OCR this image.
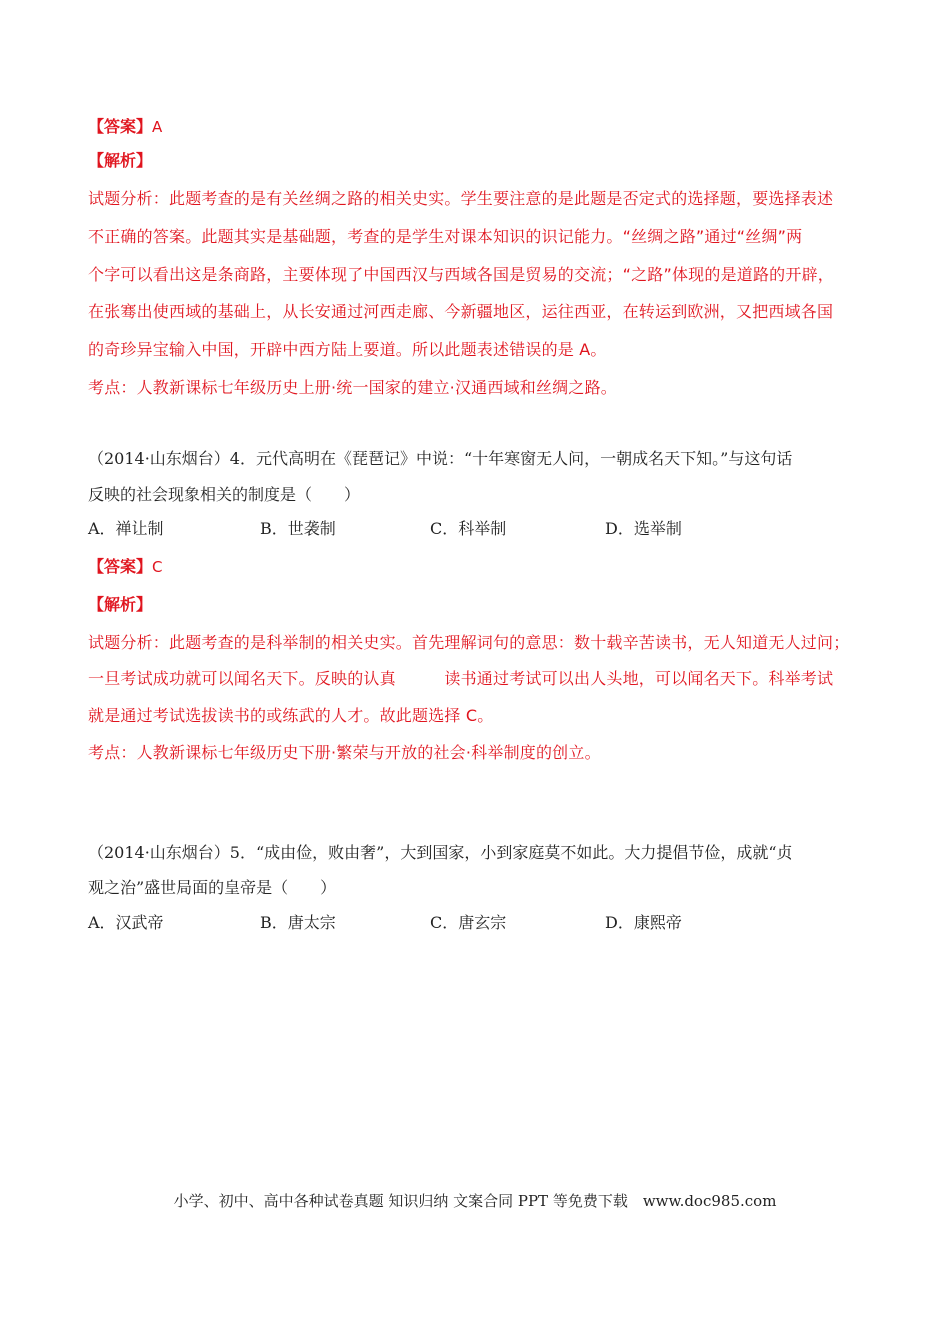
【答案】A
【解析】
试题分析：此题考查的是有关丝绸之路的相关史实。学生要注意的是此题是否定式的选择题，要选择表述
不正确的答案。此题其实是基础题，考查的是学生对课本知识的识记能力。“丝绸之路”通过“丝绸”两
个字可以看出这是条商路，主要体现了中国西汉与西域各国是贸易的交流；“之路”体现的是道路的开辟，
在张骞出使西域的基础上，从长安通过河西走廊、今新疆地区，运往西亚，在转运到欧洲，又把西域各国
的奇珍异宝输入中国，开辟中西方陆上要道。所以此题表述错误的是 A。
考点：人教新课标七年级历史上册·统一国家的建立·汉通西域和丝绸之路。
（2014·山东烟台）4．元代高明在《琵琶记》中说：“十年寒窗无人问，一朝成名天下知。”与这句话
反映的社会现象相关的制度是（　　）
A．禅让制	B．世袭制	C．科举制	D．选举制
【答案】C
【解析】
试题分析：此题考查的是科举制的相关史实。首先理解词句的意思：数十载辛苦读书，无人知道无人过问；
一旦考试成功就可以闻名天下。反映的认真　　　读书通过考试可以出人头地，可以闻名天下。科举考试
就是通过考试选拔读书的或练武的人才。故此题选择 C。
考点：人教新课标七年级历史下册·繁荣与开放的社会·科举制度的创立。
（2014·山东烟台）5．“成由俭，败由奢”，大到国家，小到家庭莫不如此。大力提倡节俭，成就“贞
观之治”盛世局面的皇帝是（　　）
A．汉武帝	B．唐太宗	C．唐玄宗	D．康熙帝
小学、初中、高中各种试卷真题 知识归纳 文案合同 PPT 等免费下载　www.doc985.com
